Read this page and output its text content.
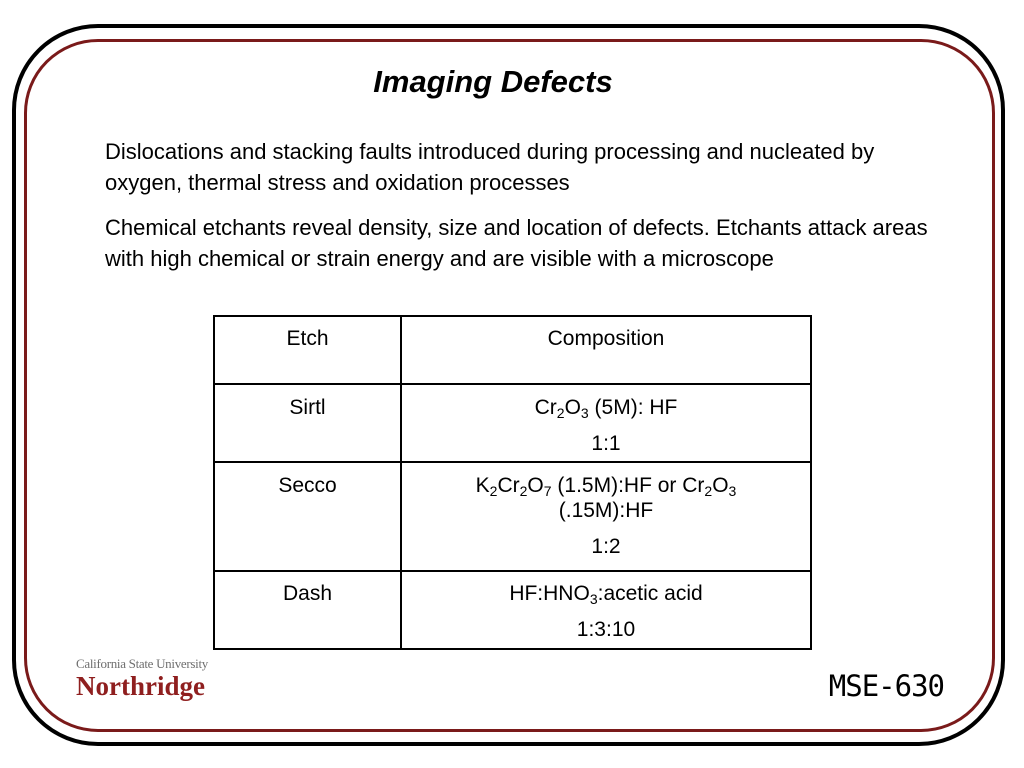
Imaging Defects
Dislocations and stacking faults introduced during processing and nucleated by oxygen, thermal stress and oxidation processes
Chemical etchants reveal density, size and location of defects. Etchants attack areas with high chemical or strain energy and are visible with a microscope
Etch	Composition
Sirtl	$Cr_2O_3$ (5M): HF
1:1

Secco	$K_2Cr_2O_7$ (1.5M):HF or $Cr_2O_3$
(.15M):HF
1:2

Dash	$HF:HNO_3:acetic$ acid
1:3:10
California State University
Northridge	MSE-630
